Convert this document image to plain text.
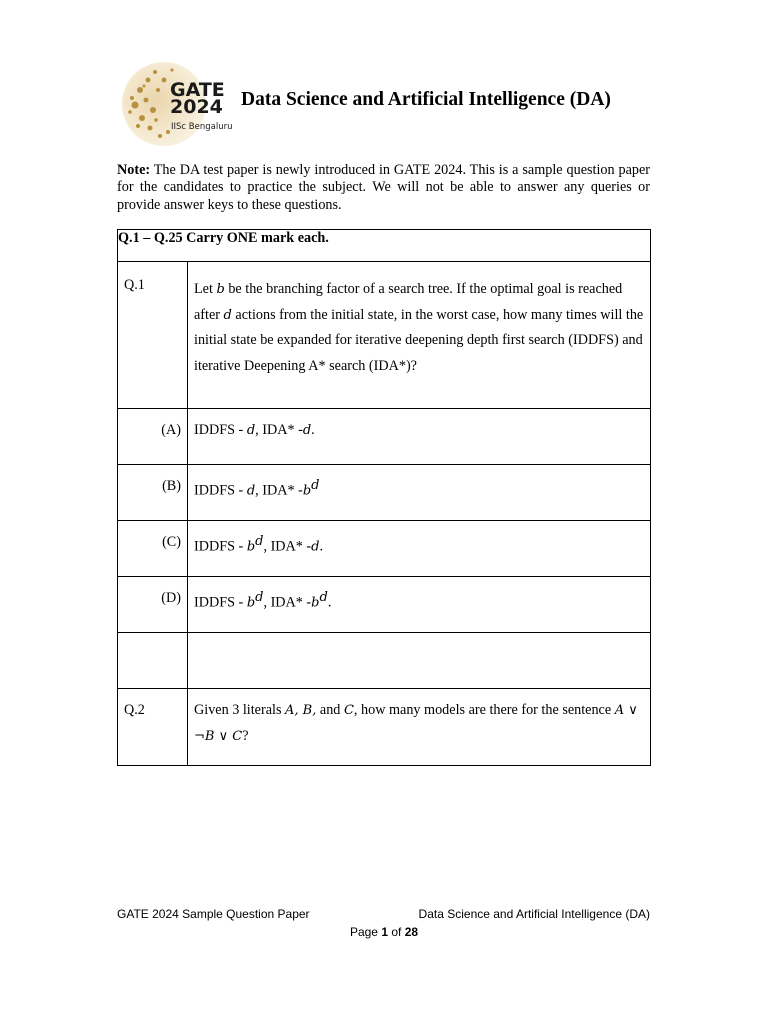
GATE
2024
IISc Bengaluru
Data Science and Artificial Intelligence (DA)
Note: The DA test paper is newly introduced in GATE 2024. This is a sample question paper for the candidates to practice the subject. We will not be able to answer any queries or provide answer keys to these questions.
Q.1 – Q.25 Carry ONE mark each.	
Q.1	Let b be the branching factor of a search tree. If the optimal goal is reached after d actions from the initial state, in the worst case, how many times will the initial state be expanded for iterative deepening depth first search (IDDFS) and iterative Deepening A* search (IDA*)?

(A)	IDDFS - d, IDA* -d.

(B)	IDDFS - d, IDA* $-b^d$

(C)	IDDFS - $b^d$, IDA* -d.

(D)	IDDFS - $b^d$, IDA* $-b^d$.

Q.2	Given 3 literals A, B, and C, how many models are there for the sentence A ∨ ¬B ∨ C?
GATE 2024 Sample Question Paper	Data Science and Artificial Intelligence (DA)
Page 1 of 28
